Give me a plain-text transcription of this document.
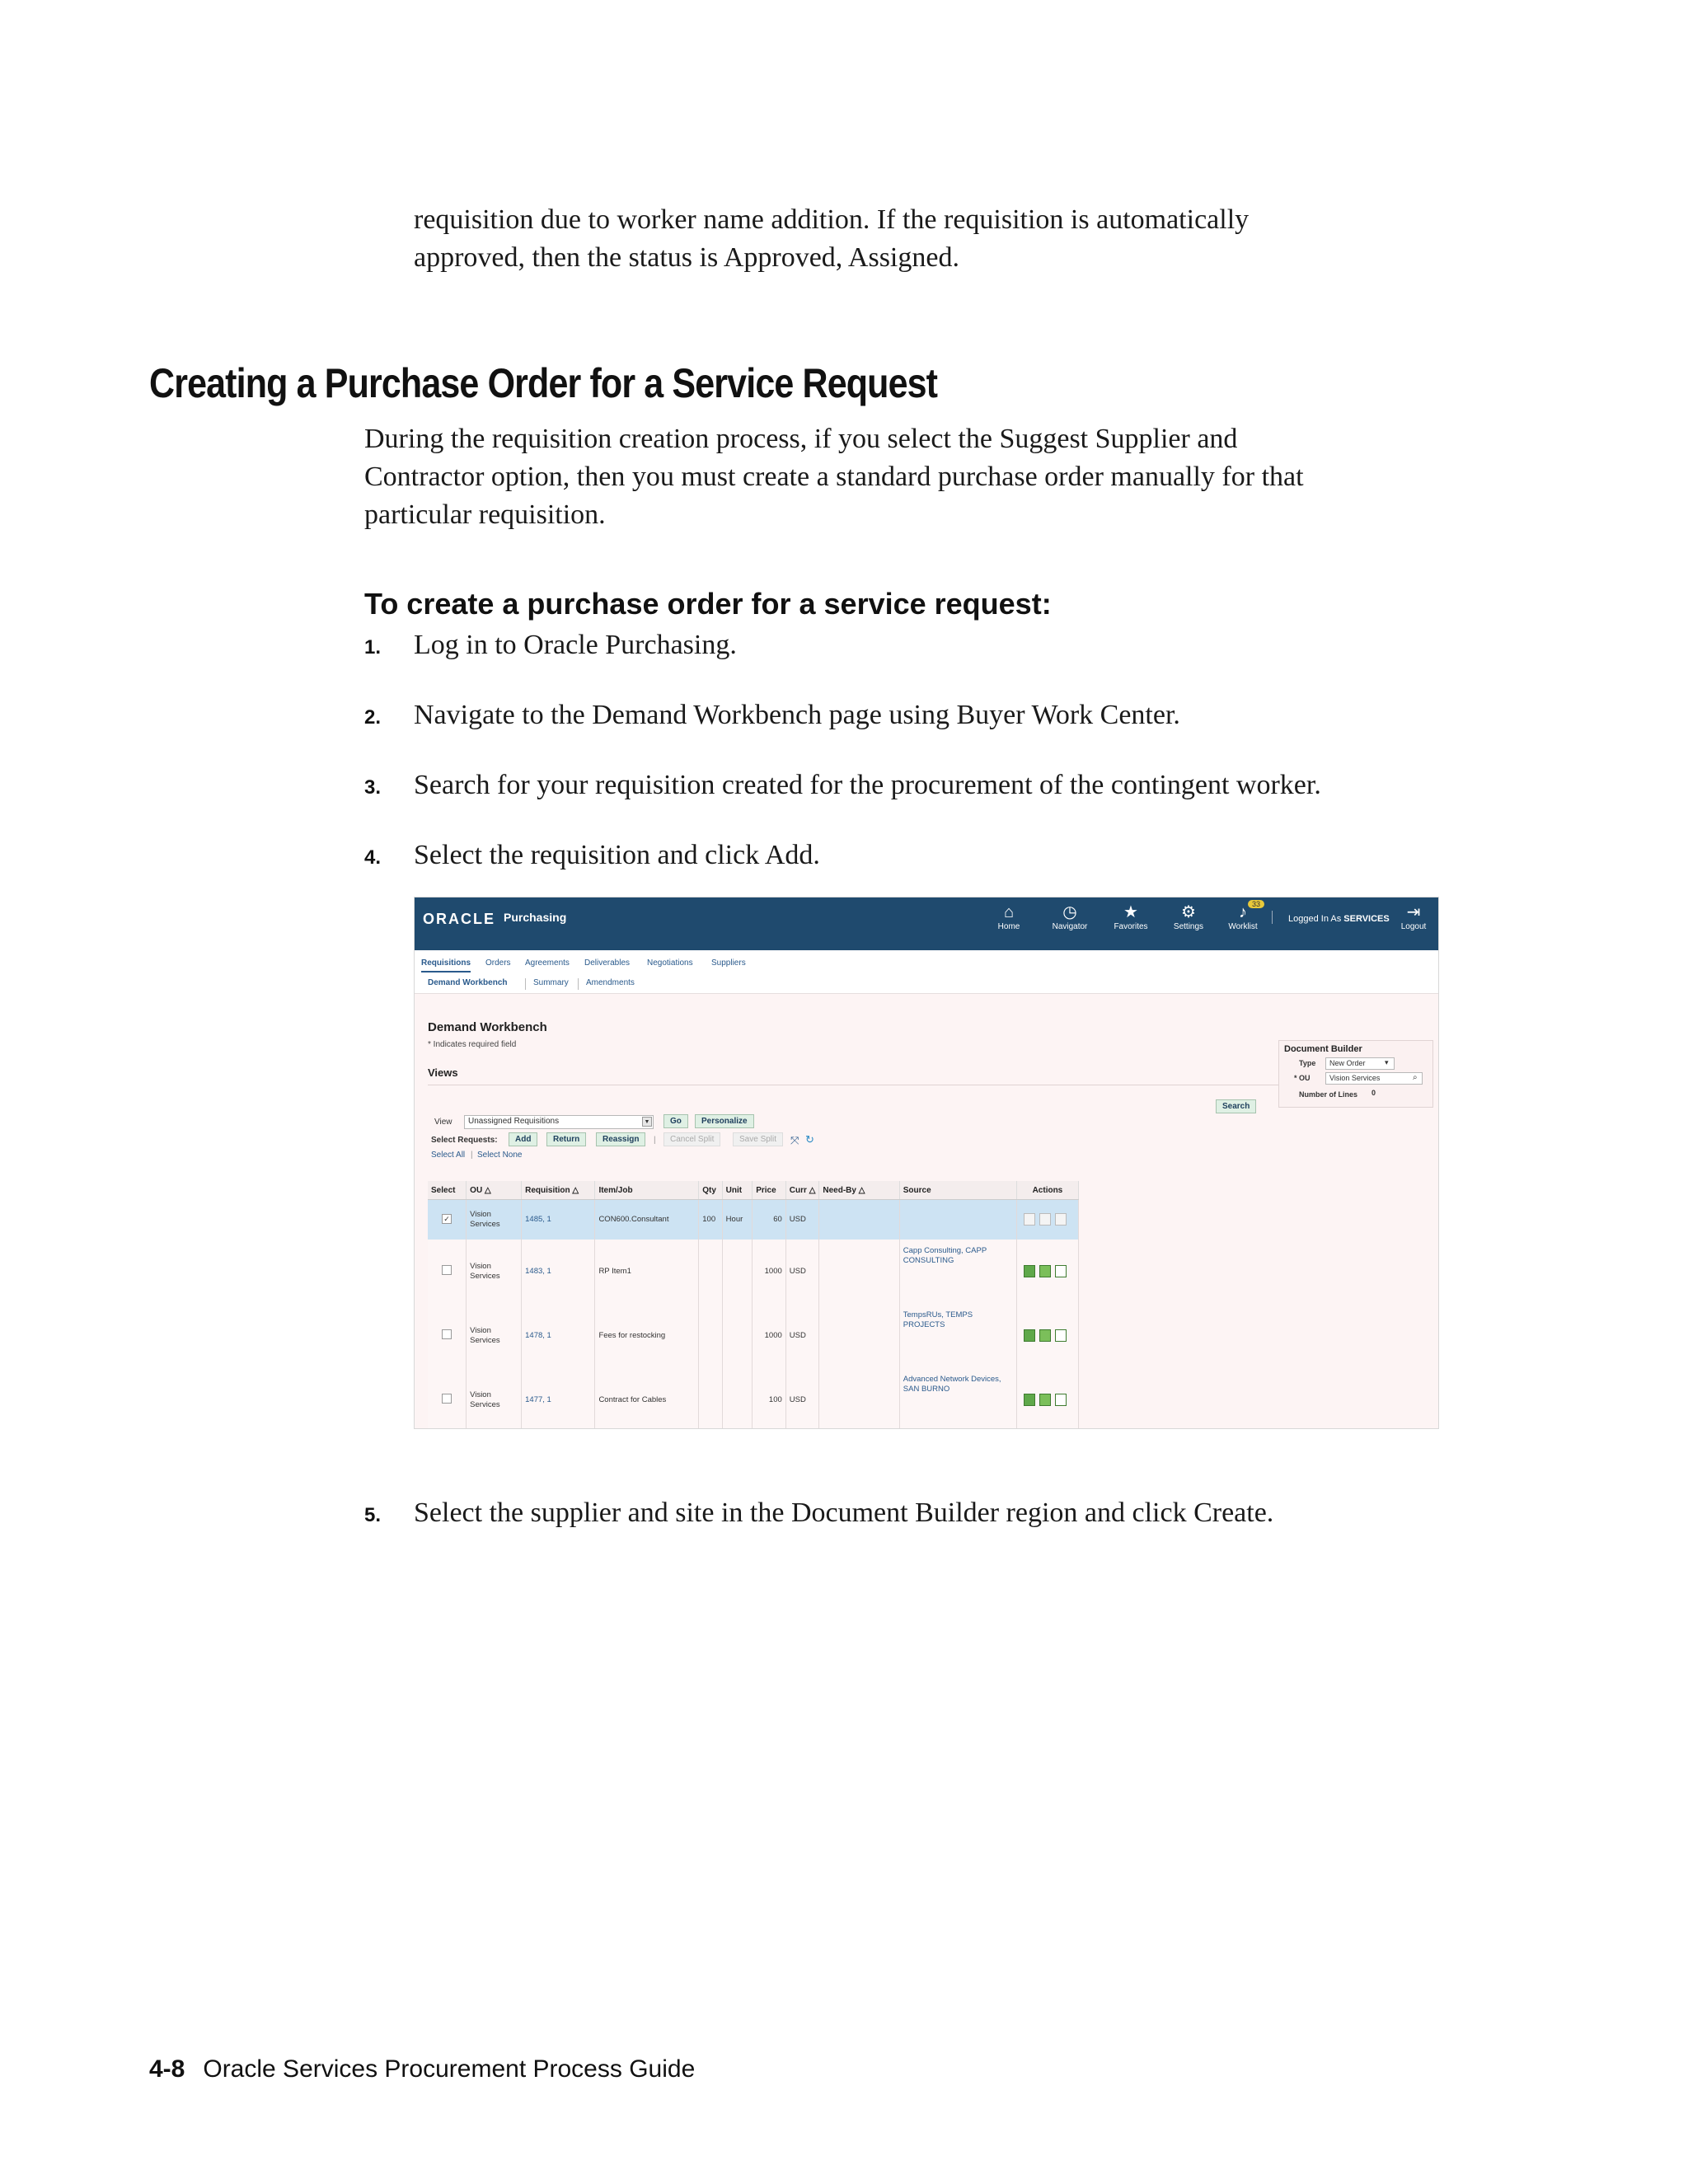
requisition due to worker name addition. If the requisition is automatically
approved, then the status is Approved, Assigned.
Creating a Purchase Order for a Service Request
During the requisition creation process, if you select the Suggest Supplier and
Contractor option, then you must create a standard purchase order manually for that
particular requisition.
To create a purchase order for a service request:
1. Log in to Oracle Purchasing.
2. Navigate to the Demand Workbench page using Buyer Work Center.
3. Search for your requisition created for the procurement of the contingent worker.
4. Select the requisition and click Add.
ORACLE Purchasing	⌂
Home
◷
Navigator
★
Favorites
⚙
Settings
♪
Worklist
33
Logged In As SERVICES	⇥
Logout
Requisitions Orders Agreements Deliverables Negotiations Suppliers
Demand Workbench	Summary Amendments
Demand Workbench
* Indicates required field
Views
Search
View	Unassigned Requisitions	▼	Go	Personalize
Select Requests:	Add	Return	Reassign	|	Cancel Split	Save Split	⤧ ↻
Select All | Select None
Document Builder
Type	New Order	▾
* OU	Vision Services	⌕
Number of Lines 0
Select	OU △	Requisition △	Item/Job	Qty	Unit	Price	Curr △	Need-By △	Source	Actions
✓	Vision Services	1485, 1	CON600.Consultant	100	Hour	60	USD			
	Vision Services	1483, 1	RP Item1			1000	USD		Capp Consulting, CAPP CONSULTING	
	Vision Services	1478, 1	Fees for restocking			1000	USD		TempsRUs, TEMPS PROJECTS	
	Vision Services	1477, 1	Contract for Cables			100	USD		Advanced Network Devices, SAN BURNO	
5. Select the supplier and site in the Document Builder region and click Create.
4-8 Oracle Services Procurement Process Guide
